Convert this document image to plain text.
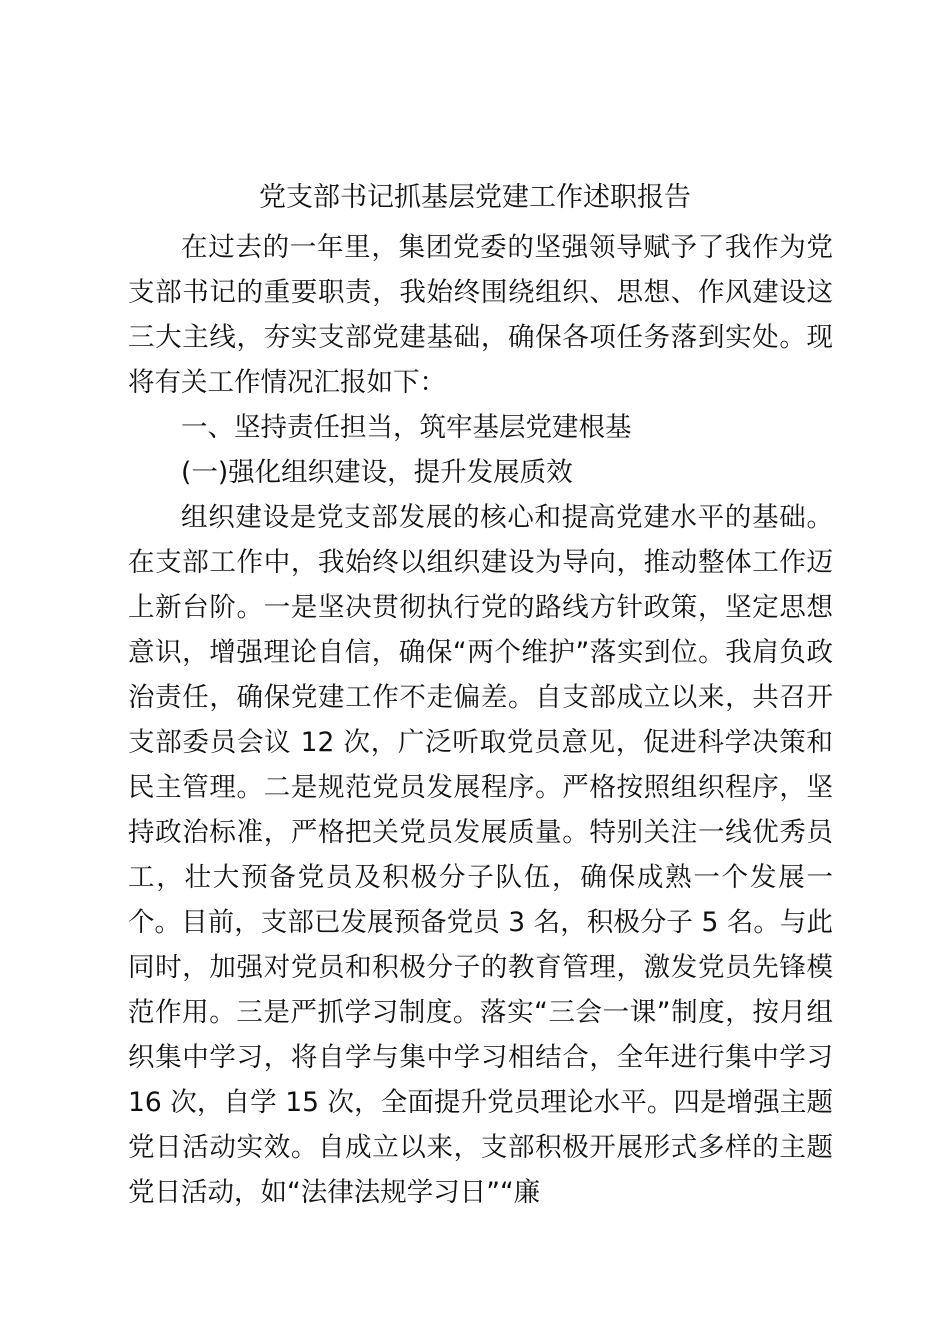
党支部书记抓基层党建工作述职报告

在过去的一年里，集团党委的坚强领导赋予了我作为党支部书记的重要职责，我始终围绕组织、思想、作风建设这三大主线，夯实支部党建基础，确保各项任务落到实处。现将有关工作情况汇报如下：

一、坚持责任担当，筑牢基层党建根基

(一)强化组织建设，提升发展质效

组织建设是党支部发展的核心和提高党建水平的基础。在支部工作中，我始终以组织建设为导向，推动整体工作迈上新台阶。一是坚决贯彻执行党的路线方针政策，坚定思想意识，增强理论自信，确保“两个维护”落实到位。我肩负政治责任，确保党建工作不走偏差。自支部成立以来，共召开支部委员会议 12 次，广泛听取党员意见，促进科学决策和民主管理。二是规范党员发展程序。严格按照组织程序，坚持政治标准，严格把关党员发展质量。特别关注一线优秀员工，壮大预备党员及积极分子队伍，确保成熟一个发展一个。目前，支部已发展预备党员 3 名，积极分子 5 名。与此同时，加强对党员和积极分子的教育管理，激发党员先锋模范作用。三是严抓学习制度。落实“三会一课”制度，按月组织集中学习，将自学与集中学习相结合，全年进行集中学习 16 次，自学 15 次，全面提升党员理论水平。四是增强主题党日活动实效。自成立以来，支部积极开展形式多样的主题党日活动，如“法律法规学习日”“廉
